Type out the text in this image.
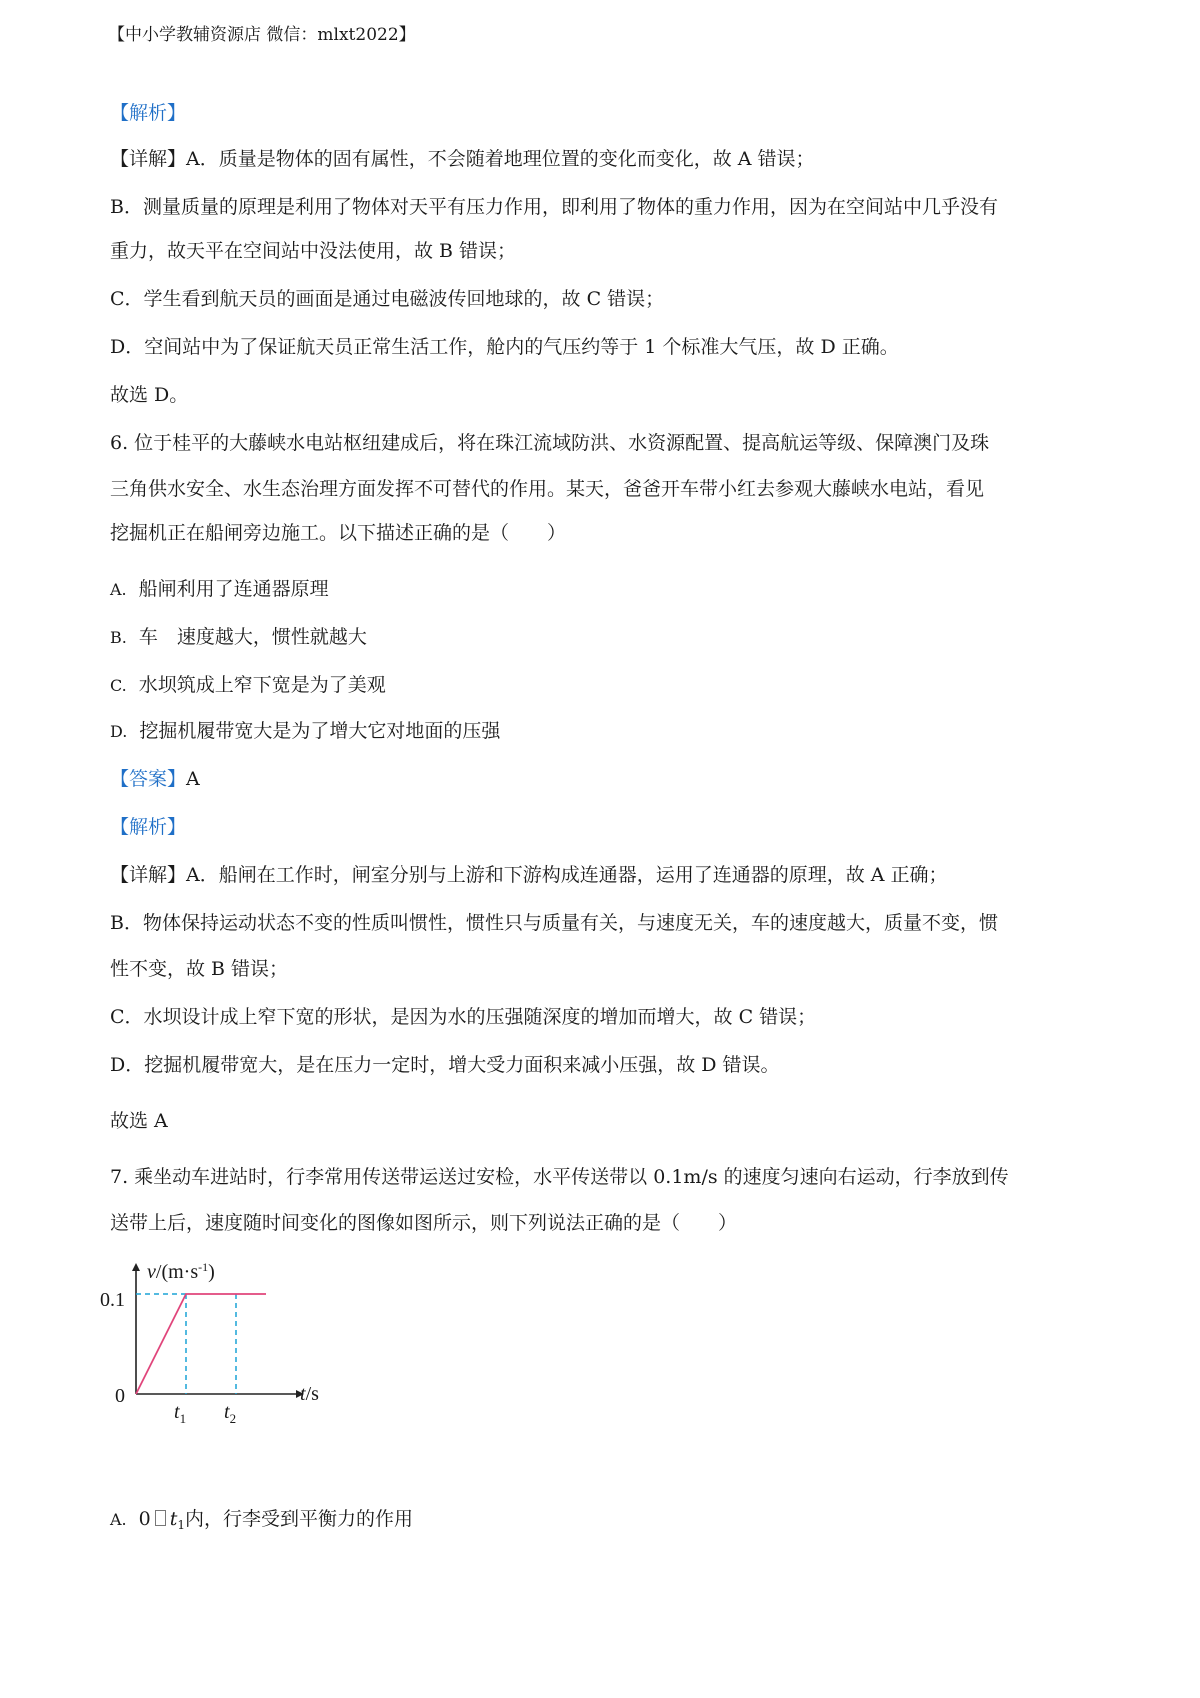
【中小学教辅资源店 微信：mlxt2022】
【解析】
【详解】A．质量是物体的固有属性，不会随着地理位置的变化而变化，故 A 错误；
B．测量质量的原理是利用了物体对天平有压力作用，即利用了物体的重力作用，因为在空间站中几乎没有
重力，故天平在空间站中没法使用，故 B 错误；
C．学生看到航天员的画面是通过电磁波传回地球的，故 C 错误；
D．空间站中为了保证航天员正常生活工作，舱内的气压约等于 1 个标准大气压，故 D 正确。
故选 D。
6. 位于桂平的大藤峡水电站枢纽建成后，将在珠江流域防洪、水资源配置、提高航运等级、保障澳门及珠
三角供水安全、水生态治理方面发挥不可替代的作用。某天，爸爸开车带小红去参观大藤峡水电站，看见
挖掘机正在船闸旁边施工。以下描述正确的是（　　）
A. 船闸利用了连通器原理
B. 车　速度越大，惯性就越大
C. 水坝筑成上窄下宽是为了美观
D. 挖掘机履带宽大是为了增大它对地面的压强
【答案】A
【解析】
【详解】A．船闸在工作时，闸室分别与上游和下游构成连通器，运用了连通器的原理，故 A 正确；
B．物体保持运动状态不变的性质叫惯性，惯性只与质量有关，与速度无关，车的速度越大，质量不变，惯
性不变，故 B 错误；
C．水坝设计成上窄下宽的形状，是因为水的压强随深度的增加而增大，故 C 错误；
D．挖掘机履带宽大，是在压力一定时，增大受力面积来减小压强，故 D 错误。
故选 A
7. 乘坐动车进站时，行李常用传送带运送过安检，水平传送带以 0.1m/s 的速度匀速向右运动，行李放到传
送带上后，速度随时间变化的图像如图所示，则下列说法正确的是（　　）
$v/(m\cdot s^{-1})$
0.1
0	t/s
$t_1$ $t_2$
A. 0 $t_1$内，行李受到平衡力的作用
